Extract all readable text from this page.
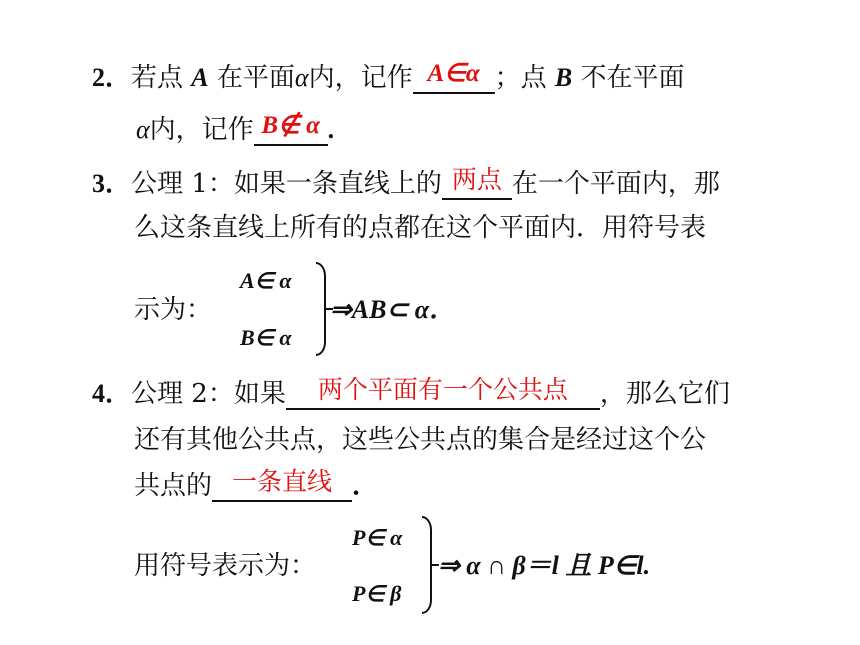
2．若点 A 在平面α内，记作 A∈α ；点 B 不在平面
α内，记作 B∉ α .
3．公理 1：如果一条直线上的 两点 在一个平面内，那
么这条直线上所有的点都在这个平面内．用符号表
示为：
A∈ α
B∈ α
⇒AB⊂ α．
4．公理 2：如果	两个平面有一个公共点	，那么它们
还有其他公共点，这些公共点的集合是经过这个公
共点的 一条直线 ．
用符号表示为：
P∈ α
P∈ β
⇒ α ∩ β＝l 且 P∈l.
